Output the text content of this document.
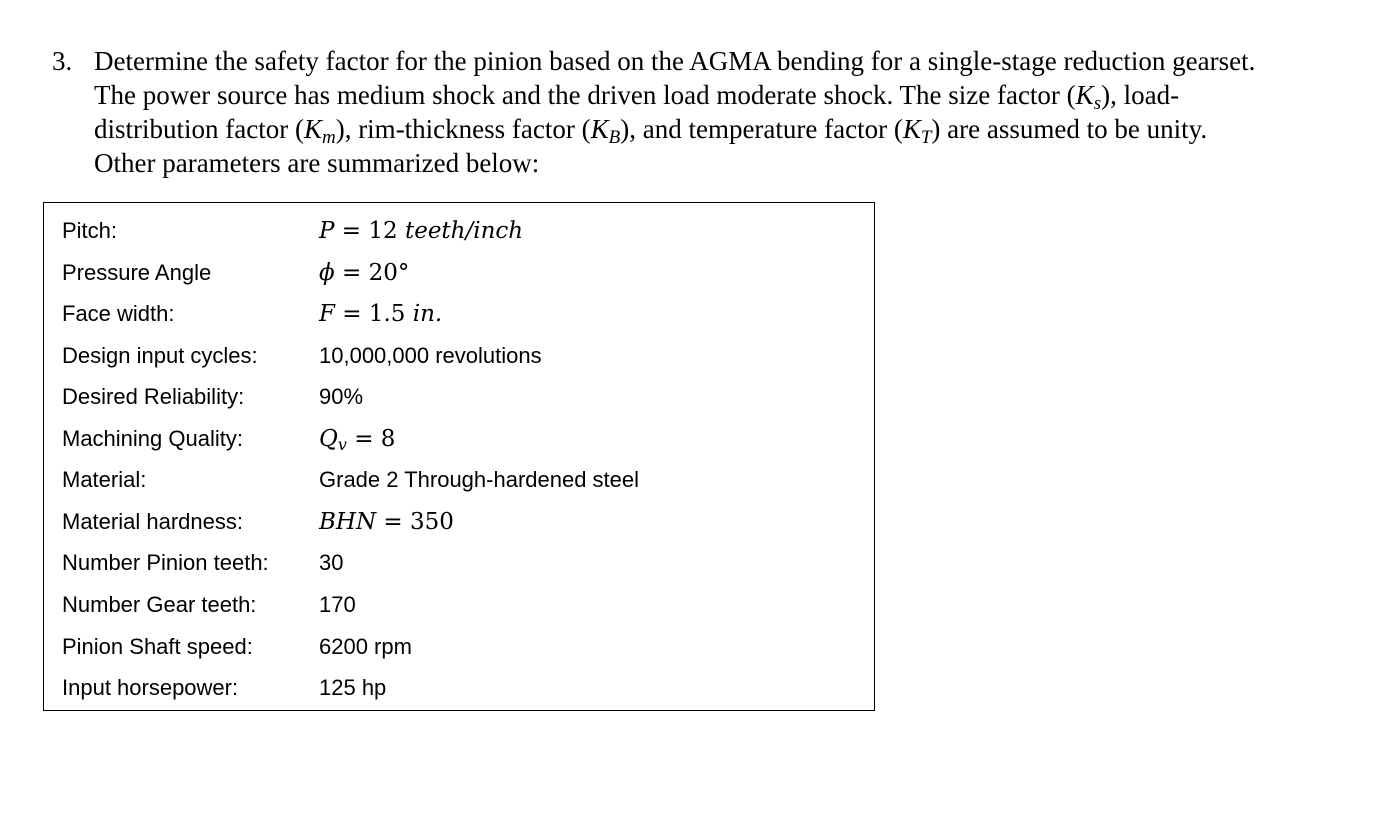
3. Determine the safety factor for the pinion based on the AGMA bending for a single-stage reduction gearset.
The power source has medium shock and the driven load moderate shock. The size factor $(K_s)$, load-
distribution factor $(K_m)$, rim-thickness factor $(K_B)$, and temperature factor $(K_T)$ are assumed to be unity.
Other parameters are summarized below:
Pitch:	P = 12 teeth/inch
Pressure Angle	ϕ = 20°
Face width:	F = 1.5 in.
Design input cycles:	10,000,000 revolutions
Desired Reliability:	90%
Machining Quality:	$Q_v = 8$
Material:	Grade 2 Through-hardened steel
Material hardness:	BHN = 350
Number Pinion teeth: 30
Number Gear teeth:	170
Pinion Shaft speed:	6200 rpm
Input horsepower:	125 hp
